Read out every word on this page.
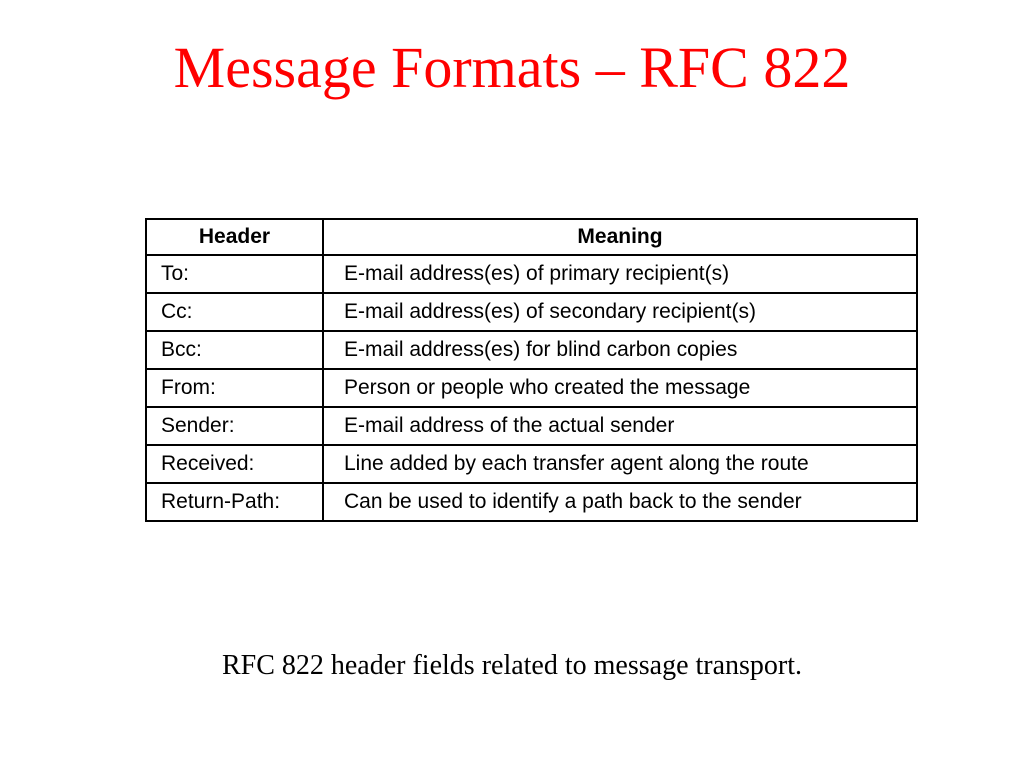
Message Formats – RFC 822
Header	Meaning
To:	E-mail address(es) of primary recipient(s)
Cc:	E-mail address(es) of secondary recipient(s)
Bcc:	E-mail address(es) for blind carbon copies
From:	Person or people who created the message
Sender:	E-mail address of the actual sender
Received:	Line added by each transfer agent along the route
Return-Path:	Can be used to identify a path back to the sender
RFC 822 header fields related to message transport.
